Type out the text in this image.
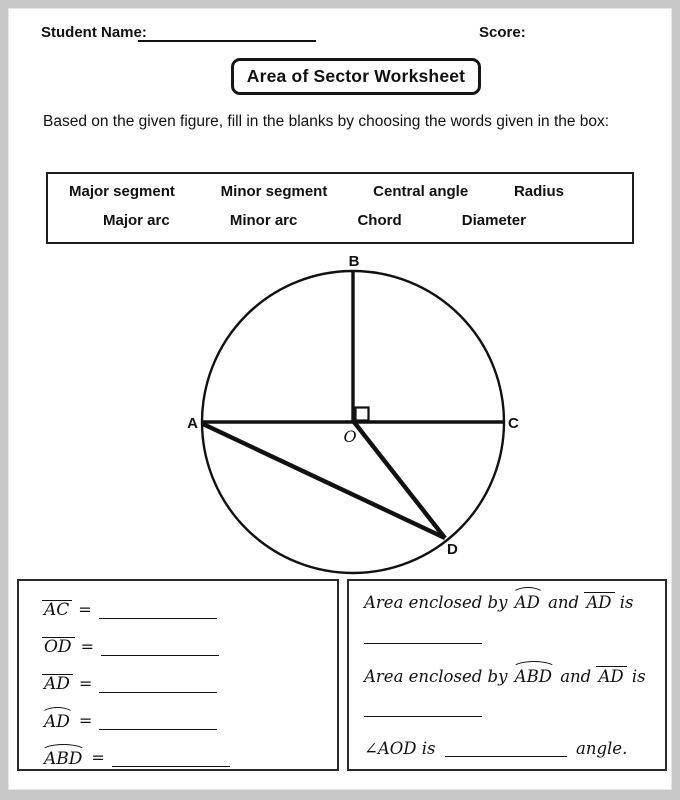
Student Name:	Score:
Area of Sector Worksheet
Based on the given figure, fill in the blanks by choosing the words given in the box:
Major segment	Minor segment	Central angle	Radius
Major arc	Minor arc	Chord	Diameter
B
A	C
D
O
AC =
OD =
AD =
AD =
ABD =
Area enclosed by AD and AD is
Area enclosed by ABD and AD is
∠AOD is	angle.
